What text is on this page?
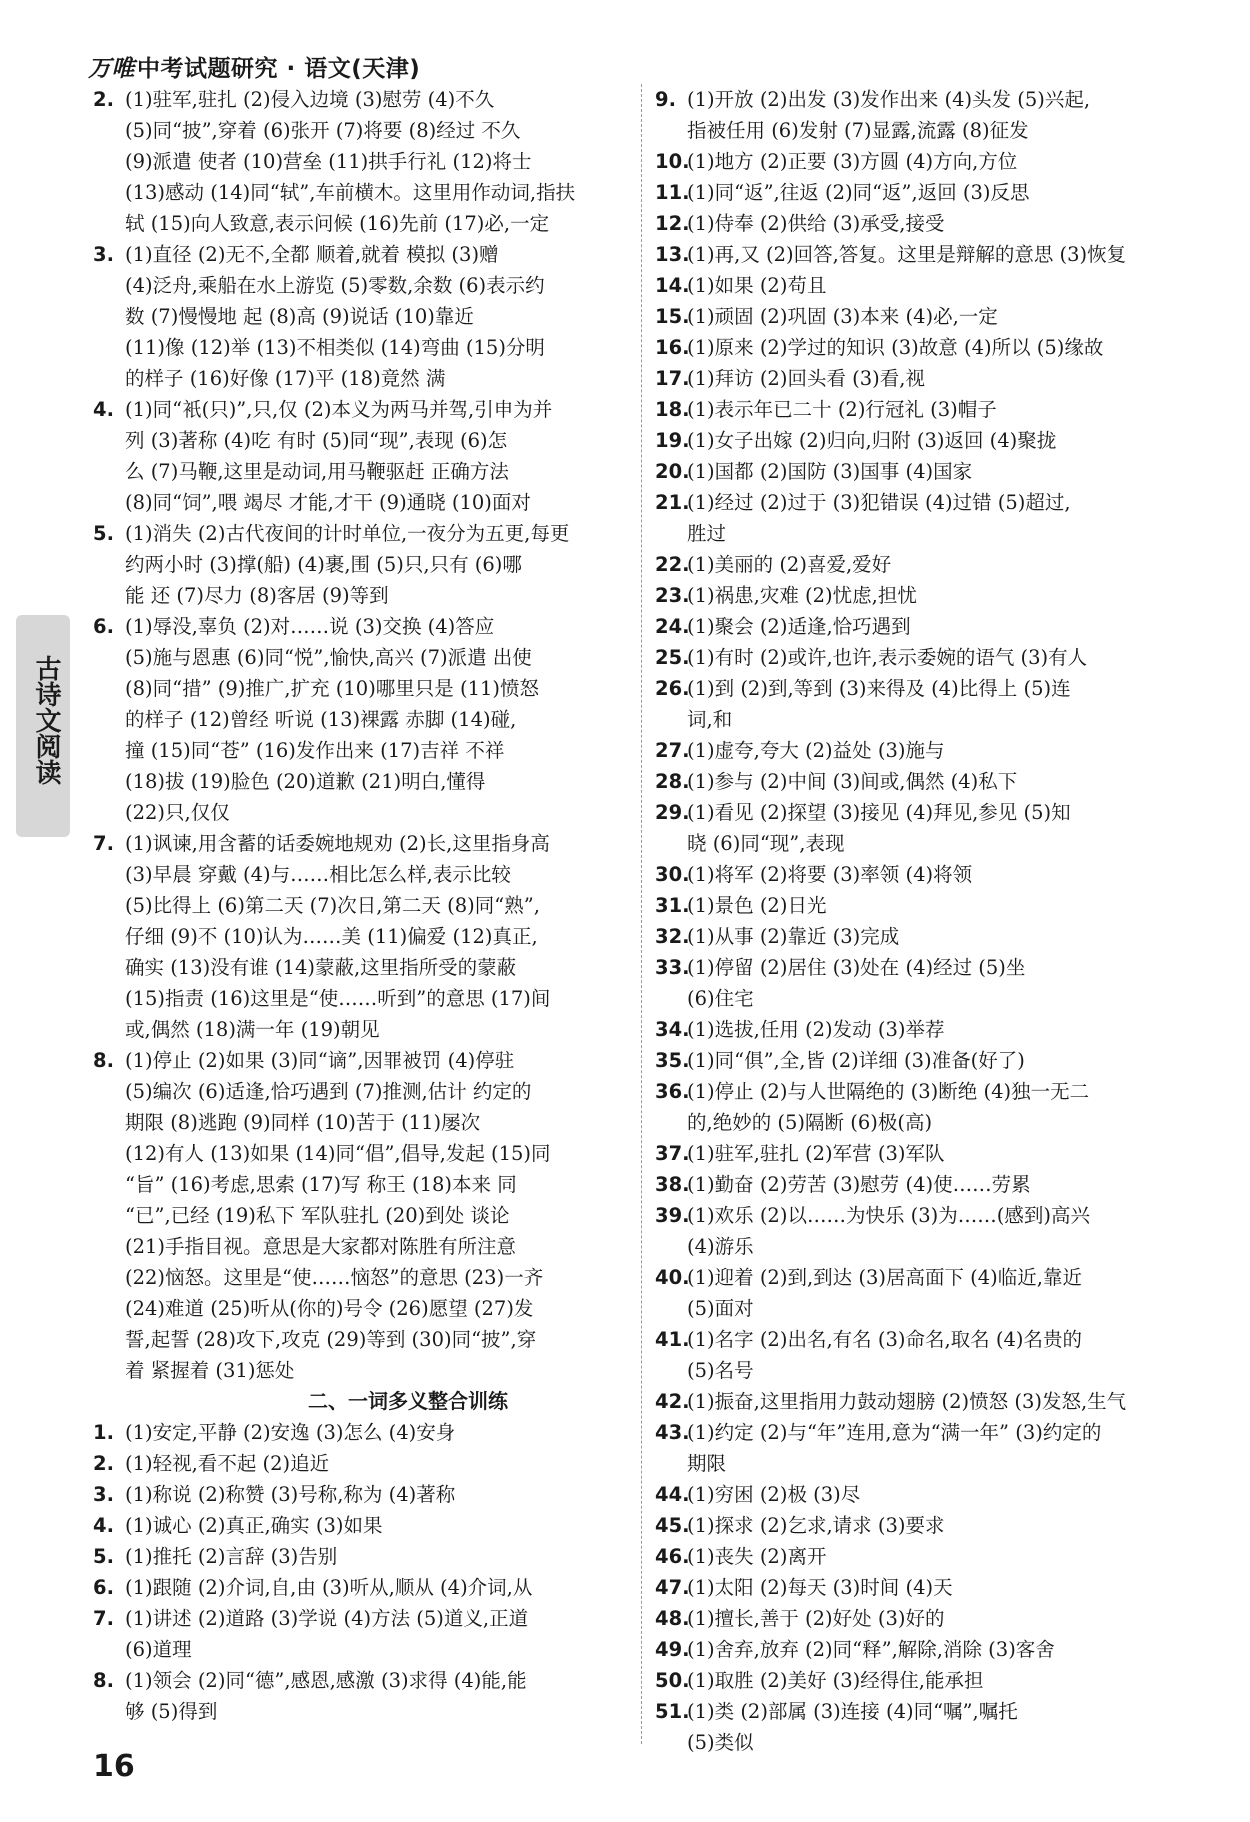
万唯中考试题研究 · 语文(天津)
2. (1)驻军,驻扎 (2)侵入边境 (3)慰劳 (4)不久
(5)同“披”,穿着 (6)张开 (7)将要 (8)经过 不久
(9)派遣 使者 (10)营垒 (11)拱手行礼 (12)将士
(13)感动 (14)同“轼”,车前横木。这里用作动词,指扶
轼 (15)向人致意,表示问候 (16)先前 (17)必,一定
3. (1)直径 (2)无不,全都 顺着,就着 模拟 (3)赠
(4)泛舟,乘船在水上游览 (5)零数,余数 (6)表示约
数 (7)慢慢地 起 (8)高 (9)说话 (10)靠近
(11)像 (12)举 (13)不相类似 (14)弯曲 (15)分明
的样子 (16)好像 (17)平 (18)竟然 满
4. (1)同“衹(只)”,只,仅 (2)本义为两马并驾,引申为并
列 (3)著称 (4)吃 有时 (5)同“现”,表现 (6)怎
么 (7)马鞭,这里是动词,用马鞭驱赶 正确方法
(8)同“饲”,喂 竭尽 才能,才干 (9)通晓 (10)面对
5. (1)消失 (2)古代夜间的计时单位,一夜分为五更,每更
约两小时 (3)撑(船) (4)裹,围 (5)只,只有 (6)哪
能 还 (7)尽力 (8)客居 (9)等到
6. (1)辱没,辜负 (2)对……说 (3)交换 (4)答应
(5)施与恩惠 (6)同“悦”,愉快,高兴 (7)派遣 出使
(8)同“措” (9)推广,扩充 (10)哪里只是 (11)愤怒
的样子 (12)曾经 听说 (13)裸露 赤脚 (14)碰,
撞 (15)同“苍” (16)发作出来 (17)吉祥 不祥
(18)拔 (19)脸色 (20)道歉 (21)明白,懂得
(22)只,仅仅
7. (1)讽谏,用含蓄的话委婉地规劝 (2)长,这里指身高
(3)早晨 穿戴 (4)与……相比怎么样,表示比较
(5)比得上 (6)第二天 (7)次日,第二天 (8)同“熟”,
仔细 (9)不 (10)认为……美 (11)偏爱 (12)真正,
确实 (13)没有谁 (14)蒙蔽,这里指所受的蒙蔽
(15)指责 (16)这里是“使……听到”的意思 (17)间
或,偶然 (18)满一年 (19)朝见
8. (1)停止 (2)如果 (3)同“谪”,因罪被罚 (4)停驻
(5)编次 (6)适逢,恰巧遇到 (7)推测,估计 约定的
期限 (8)逃跑 (9)同样 (10)苦于 (11)屡次
(12)有人 (13)如果 (14)同“倡”,倡导,发起 (15)同
“旨” (16)考虑,思索 (17)写 称王 (18)本来 同
“已”,已经 (19)私下 军队驻扎 (20)到处 谈论
(21)手指目视。意思是大家都对陈胜有所注意
(22)恼怒。这里是“使……恼怒”的意思 (23)一齐
(24)难道 (25)听从(你的)号令 (26)愿望 (27)发
誓,起誓 (28)攻下,攻克 (29)等到 (30)同“披”,穿
着 紧握着 (31)惩处
二、一词多义整合训练
1. (1)安定,平静 (2)安逸 (3)怎么 (4)安身
2. (1)轻视,看不起 (2)追近
3. (1)称说 (2)称赞 (3)号称,称为 (4)著称
4. (1)诚心 (2)真正,确实 (3)如果
5. (1)推托 (2)言辞 (3)告别
6. (1)跟随 (2)介词,自,由 (3)听从,顺从 (4)介词,从
7. (1)讲述 (2)道路 (3)学说 (4)方法 (5)道义,正道
(6)道理
8. (1)领会 (2)同“德”,感恩,感激 (3)求得 (4)能,能
够 (5)得到
9. (1)开放 (2)出发 (3)发作出来 (4)头发 (5)兴起,
指被任用 (6)发射 (7)显露,流露 (8)征发
10.
(1)地方 (2)正要 (3)方圆 (4)方向,方位
11.
(1)同“返”,往返 (2)同“返”,返回 (3)反思
12.
(1)侍奉 (2)供给 (3)承受,接受
13.
(1)再,又 (2)回答,答复。这里是辩解的意思 (3)恢复
14.
(1)如果 (2)苟且
15.
(1)顽固 (2)巩固 (3)本来 (4)必,一定
16.
(1)原来 (2)学过的知识 (3)故意 (4)所以 (5)缘故
17.
(1)拜访 (2)回头看 (3)看,视
18.
(1)表示年已二十 (2)行冠礼 (3)帽子
19.
(1)女子出嫁 (2)归向,归附 (3)返回 (4)聚拢
20.
(1)国都 (2)国防 (3)国事 (4)国家
21.
(1)经过 (2)过于 (3)犯错误 (4)过错 (5)超过,
胜过
22.
(1)美丽的 (2)喜爱,爱好
23.
(1)祸患,灾难 (2)忧虑,担忧
24.
(1)聚会 (2)适逢,恰巧遇到
25.
(1)有时 (2)或许,也许,表示委婉的语气 (3)有人
26.
(1)到 (2)到,等到 (3)来得及 (4)比得上 (5)连
词,和
27.
(1)虚夸,夸大 (2)益处 (3)施与
28.
(1)参与 (2)中间 (3)间或,偶然 (4)私下
29.
(1)看见 (2)探望 (3)接见 (4)拜见,参见 (5)知
晓 (6)同“现”,表现
30.
(1)将军 (2)将要 (3)率领 (4)将领
31.
(1)景色 (2)日光
32.
(1)从事 (2)靠近 (3)完成
33.
(1)停留 (2)居住 (3)处在 (4)经过 (5)坐
(6)住宅
34.
(1)选拔,任用 (2)发动 (3)举荐
35.
(1)同“俱”,全,皆 (2)详细 (3)准备(好了)
36.
(1)停止 (2)与人世隔绝的 (3)断绝 (4)独一无二
的,绝妙的 (5)隔断 (6)极(高)
37.
(1)驻军,驻扎 (2)军营 (3)军队
38.
(1)勤奋 (2)劳苦 (3)慰劳 (4)使……劳累
39.
(1)欢乐 (2)以……为快乐 (3)为……(感到)高兴
(4)游乐
40.
(1)迎着 (2)到,到达 (3)居高面下 (4)临近,靠近
(5)面对
41.
(1)名字 (2)出名,有名 (3)命名,取名 (4)名贵的
(5)名号
42.
(1)振奋,这里指用力鼓动翅膀 (2)愤怒 (3)发怒,生气
43.
(1)约定 (2)与“年”连用,意为“满一年” (3)约定的
期限
44.
(1)穷困 (2)极 (3)尽
45.
(1)探求 (2)乞求,请求 (3)要求
46.
(1)丧失 (2)离开
47.
(1)太阳 (2)每天 (3)时间 (4)天
48.
(1)擅长,善于 (2)好处 (3)好的
49.
(1)舍弃,放弃 (2)同“释”,解除,消除 (3)客舍
50.
(1)取胜 (2)美好 (3)经得住,能承担
51.
(1)类 (2)部属 (3)连接 (4)同“嘱”,嘱托
(5)类似
古诗文阅读
16
